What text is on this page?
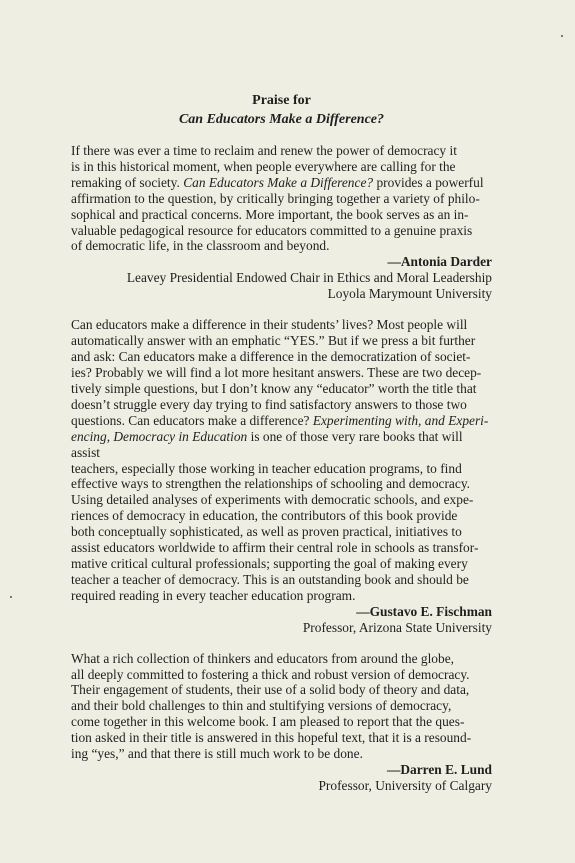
Praise for
Can Educators Make a Difference?

If there was ever a time to reclaim and renew the power of democracy it
is in this historical moment, when people everywhere are calling for the
remaking of society. Can Educators Make a Difference? provides a powerful
affirmation to the question, by critically bringing together a variety of philo-
sophical and practical concerns. More important, the book serves as an in-
valuable pedagogical resource for educators committed to a genuine praxis
of democratic life, in the classroom and beyond.

—Antonia Darder
Leavey Presidential Endowed Chair in Ethics and Moral Leadership
Loyola Marymount University

Can educators make a difference in their students’ lives? Most people will
automatically answer with an emphatic “YES.” But if we press a bit further
and ask: Can educators make a difference in the democratization of societ-
ies? Probably we will find a lot more hesitant answers. These are two decep-
tively simple questions, but I don’t know any “educator” worth the title that
doesn’t struggle every day trying to find satisfactory answers to those two
questions. Can educators make a difference? Experimenting with, and Experi-
encing, Democracy in Education is one of those very rare books that will assist
teachers, especially those working in teacher education programs, to find
effective ways to strengthen the relationships of schooling and democracy.
Using detailed analyses of experiments with democratic schools, and expe-
riences of democracy in education, the contributors of this book provide
both conceptually sophisticated, as well as proven practical, initiatives to
assist educators worldwide to affirm their central role in schools as transfor-
mative critical cultural professionals; supporting the goal of making every
teacher a teacher of democracy. This is an outstanding book and should be
required reading in every teacher education program.

—Gustavo E. Fischman
Professor, Arizona State University

What a rich collection of thinkers and educators from around the globe,
all deeply committed to fostering a thick and robust version of democracy.
Their engagement of students, their use of a solid body of theory and data,
and their bold challenges to thin and stultifying versions of democracy,
come together in this welcome book. I am pleased to report that the ques-
tion asked in their title is answered in this hopeful text, that it is a resound-
ing “yes,” and that there is still much work to be done.

—Darren E. Lund
Professor, University of Calgary
